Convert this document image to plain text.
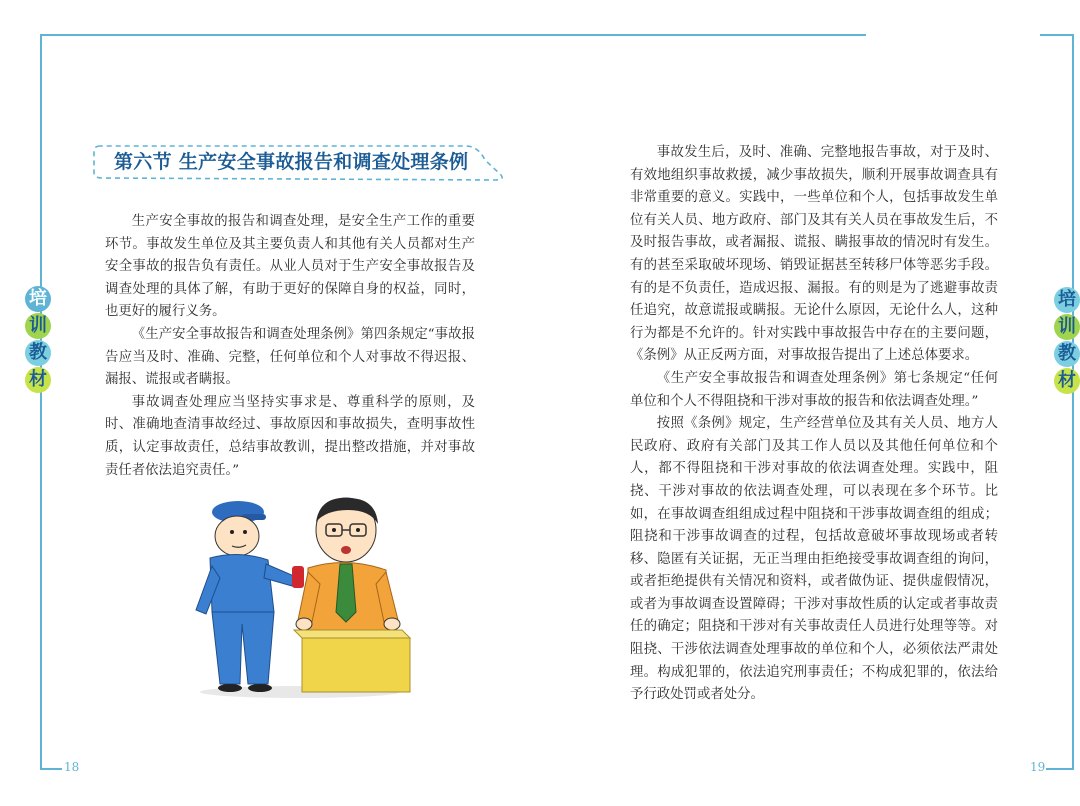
18	19
培
训
教
材
培
训
教
材
第六节 生产安全事故报告和调查处理条例

生产安全事故的报告和调查处理，是安全生产工作的重要环节。事故发生单位及其主要负责人和其他有关人员都对生产安全事故的报告负有责任。从业人员对于生产安全事故报告及调查处理的具体了解，有助于更好的保障自身的权益，同时，也更好的履行义务。

《生产安全事故报告和调查处理条例》第四条规定“事故报告应当及时、准确、完整，任何单位和个人对事故不得迟报、漏报、谎报或者瞒报。

事故调查处理应当坚持实事求是、尊重科学的原则，及时、准确地查清事故经过、事故原因和事故损失，查明事故性质，认定事故责任，总结事故教训，提出整改措施，并对事故责任者依法追究责任。”

事故发生后，及时、准确、完整地报告事故，对于及时、有效地组织事故救援，减少事故损失，顺利开展事故调查具有非常重要的意义。实践中，一些单位和个人，包括事故发生单位有关人员、地方政府、部门及其有关人员在事故发生后，不及时报告事故，或者漏报、谎报、瞒报事故的情况时有发生。有的甚至采取破坏现场、销毁证据甚至转移尸体等恶劣手段。有的是不负责任，造成迟报、漏报。有的则是为了逃避事故责任追究，故意谎报或瞒报。无论什么原因，无论什么人，这种行为都是不允许的。针对实践中事故报告中存在的主要问题，《条例》从正反两方面，对事故报告提出了上述总体要求。

《生产安全事故报告和调查处理条例》第七条规定“任何单位和个人不得阻挠和干涉对事故的报告和依法调查处理。”

按照《条例》规定，生产经营单位及其有关人员、地方人民政府、政府有关部门及其工作人员以及其他任何单位和个人，都不得阻挠和干涉对事故的依法调查处理。实践中，阻挠、干涉对事故的依法调查处理，可以表现在多个环节。比如，在事故调查组组成过程中阻挠和干涉事故调查组的组成；阻挠和干涉事故调查的过程，包括故意破坏事故现场或者转移、隐匿有关证据，无正当理由拒绝接受事故调查组的询问，或者拒绝提供有关情况和资料，或者做伪证、提供虚假情况，或者为事故调查设置障碍；干涉对事故性质的认定或者事故责任的确定；阻挠和干涉对有关事故责任人员进行处理等等。对阻挠、干涉依法调查处理事故的单位和个人，必须依法严肃处理。构成犯罪的，依法追究刑事责任；不构成犯罪的，依法给予行政处罚或者处分。
